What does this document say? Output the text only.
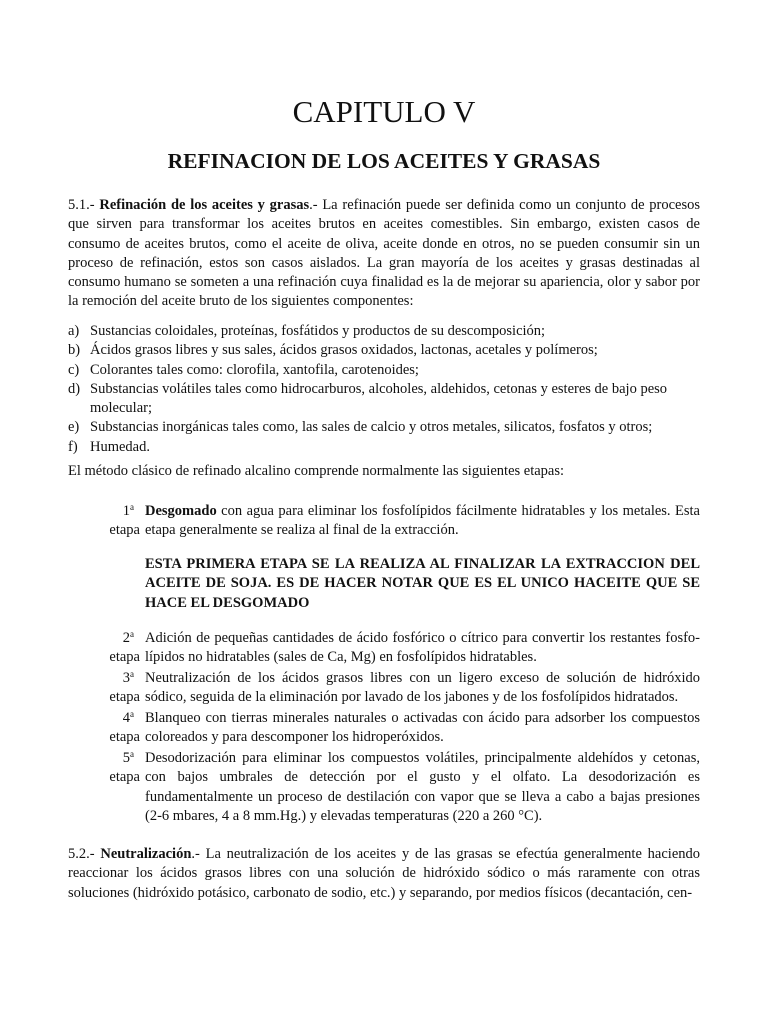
CAPITULO V
REFINACION DE LOS ACEITES Y GRASAS

5.1.- Refinación de los aceites y grasas.- La refinación puede ser definida como un conjunto de procesos que sirven para transformar los aceites brutos en aceites comestibles. Sin embargo, existen casos de consumo de aceites brutos, como el aceite de oliva, aceite donde en otros, no se pueden consumir sin un proceso de refinación, estos son casos aislados. La gran mayoría de los aceites y grasas destinadas al consumo humano se someten a una refinación cuya finalidad es la de mejorar su apariencia, olor y sabor por la remoción del aceite bruto de los siguientes componentes:

a) Sustancias coloidales, proteínas, fosfátidos y productos de su descomposición;
b) Ácidos grasos libres y sus sales, ácidos grasos oxidados, lactonas, acetales y polímeros;
c) Colorantes tales como: clorofila, xantofila, carotenoides;
d) Substancias volátiles tales como hidrocarburos, alcoholes, aldehidos, cetonas y esteres de bajo peso molecular;
e) Substancias inorgánicas tales como, las sales de calcio y otros metales, silicatos, fosfatos y otros;
f) Humedad.

El método clásico de refinado alcalino comprende normalmente las siguientes etapas:

1$^a$
etapa
Desgomado con agua para eliminar los fosfolípidos fácilmente hidratables y los metales. Esta etapa generalmente se realiza al final de la extracción.

ESTA PRIMERA ETAPA SE LA REALIZA AL FINALIZAR LA EXTRACCION DEL ACEITE DE SOJA. ES DE HACER NOTAR QUE ES EL UNICO HACEITE QUE SE HACE EL DESGOMADO

2$^a$
etapa
Adición de pequeñas cantidades de ácido fosfórico o cítrico para convertir los restantes fosfo-lípidos no hidratables (sales de Ca, Mg) en fosfolípidos hidratables.
3$^a$
etapa
Neutralización de los ácidos grasos libres con un ligero exceso de solución de hidróxido sódico, seguida de la eliminación por lavado de los jabones y de los fosfolípidos hidratados.
4$^a$
etapa
Blanqueo con tierras minerales naturales o activadas con ácido para adsorber los compuestos coloreados y para descomponer los hidroperóxidos.
5$^a$
etapa
Desodorización para eliminar los compuestos volátiles, principalmente aldehídos y cetonas, con bajos umbrales de detección por el gusto y el olfato. La desodorización es fundamentalmente un proceso de destilación con vapor que se lleva a cabo a bajas presiones (2-6 mbares, 4 a 8 mm.Hg.) y elevadas temperaturas (220 a 260 °C).

5.2.- Neutralización.- La neutralización de los aceites y de las grasas se efectúa generalmente haciendo reaccionar los ácidos grasos libres con una solución de hidróxido sódico o más raramente con otras soluciones (hidróxido potásico, carbonato de sodio, etc.) y separando, por medios físicos (decantación, cen-
